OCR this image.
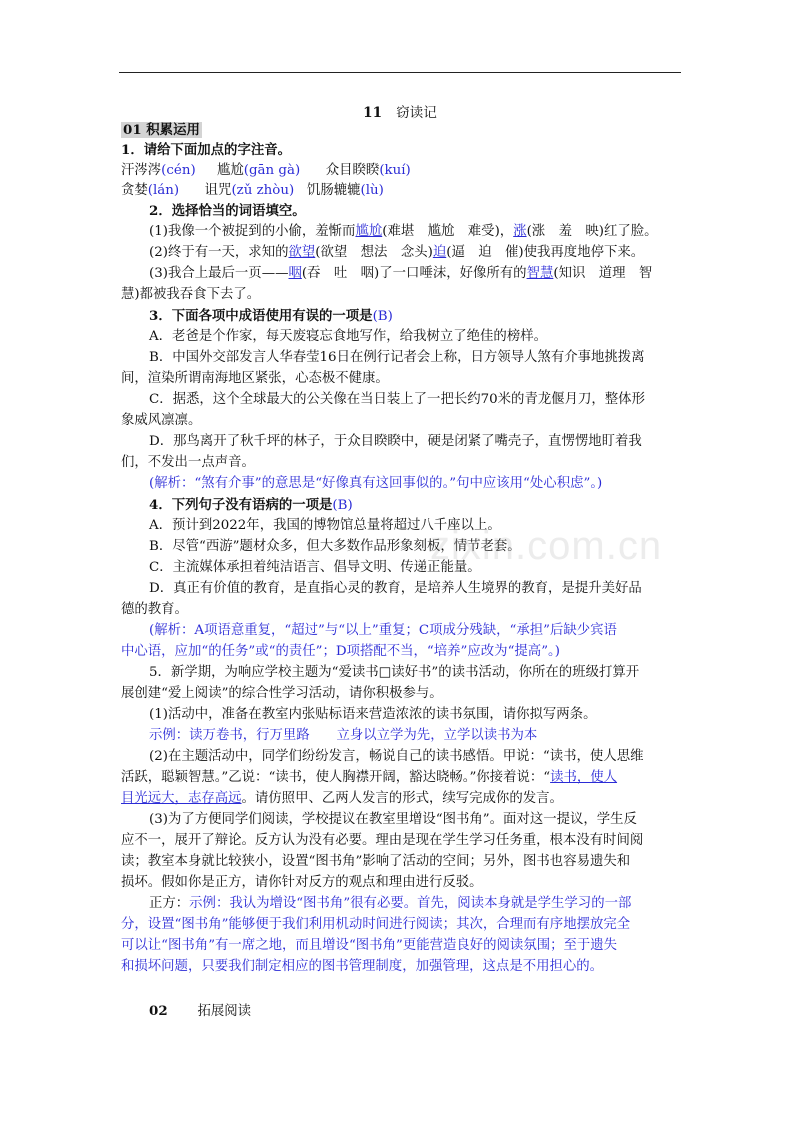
11 窃读记
01 积累运用
1．请给下面加点的字注音。
汗涔涔(cén) 尴尬(gān gà) 众目睽睽(kuí)
贪婪(lán) 诅咒(zǔ zhòu) 饥肠辘辘(lù)
2．选择恰当的词语填空。
(1)我像一个被捉到的小偷，羞惭而尴尬(难堪　尴尬　难受)，涨(涨　羞　映)红了脸。
(2)终于有一天，求知的欲望(欲望　想法　念头)迫(逼　迫　催)使我再度地停下来。
(3)我合上最后一页——咽(吞　吐　咽)了一口唾沫，好像所有的智慧(知识　道理　智
慧)都被我吞食下去了。
3．下面各项中成语使用有误的一项是(B)
A．老爸是个作家，每天废寝忘食地写作，给我树立了绝佳的榜样。
B．中国外交部发言人华春莹16日在例行记者会上称，日方领导人煞有介事地挑拨离
间，渲染所谓南海地区紧张，心态极不健康。
C．据悉，这个全球最大的公关像在当日装上了一把长约70米的青龙偃月刀，整体形
象威风凛凛。
D．那鸟离开了秋千坪的林子，于众目睽睽中，硬是闭紧了嘴壳子，直愣愣地盯着我
们，不发出一点声音。
(解析：“煞有介事”的意思是“好像真有这回事似的。”句中应该用“处心积虑”。)
4．下列句子没有语病的一项是(B)
A．预计到2022年，我国的博物馆总量将超过八千座以上。
B．尽管“西游”题材众多，但大多数作品形象刻板，情节老套。
C．主流媒体承担着纯洁语言、倡导文明、传递正能量。
D．真正有价值的教育，是直指心灵的教育，是培养人生境界的教育，是提升美好品
德的教育。
(解析：A项语意重复，“超过”与“以上”重复；C项成分残缺，“承担”后缺少宾语
中心语，应加“的任务”或“的责任”；D项搭配不当，“培养”应改为“提高”。)
5．新学期，为响应学校主题为“爱读书□读好书”的读书活动，你所在的班级打算开
展创建“爱上阅读”的综合性学习活动，请你积极参与。
(1)活动中，准备在教室内张贴标语来营造浓浓的读书氛围，请你拟写两条。
示例：读万卷书，行万里路　　立身以立学为先，立学以读书为本
(2)在主题活动中，同学们纷纷发言，畅说自己的读书感悟。甲说：“读书，使人思维
活跃，聪颖智慧。”乙说：“读书，使人胸襟开阔，豁达晓畅。”你接着说：“读书，使人
目光远大，志存高远。请仿照甲、乙两人发言的形式，续写完成你的发言。
(3)为了方便同学们阅读，学校提议在教室里增设“图书角”。面对这一提议，学生反
应不一，展开了辩论。反方认为没有必要。理由是现在学生学习任务重，根本没有时间阅
读；教室本身就比较狭小，设置“图书角”影响了活动的空间；另外，图书也容易遗失和
损坏。假如你是正方，请你针对反方的观点和理由进行反驳。
正方：示例：我认为增设“图书角”很有必要。首先，阅读本身就是学生学习的一部
分，设置“图书角”能够便于我们利用机动时间进行阅读；其次，合理而有序地摆放完全
可以让“图书角”有一席之地，而且增设“图书角”更能营造良好的阅读氛围；至于遗失
和损坏问题，只要我们制定相应的图书管理制度，加强管理，这点是不用担心的。
02 拓展阅读
zixin.com.cn
